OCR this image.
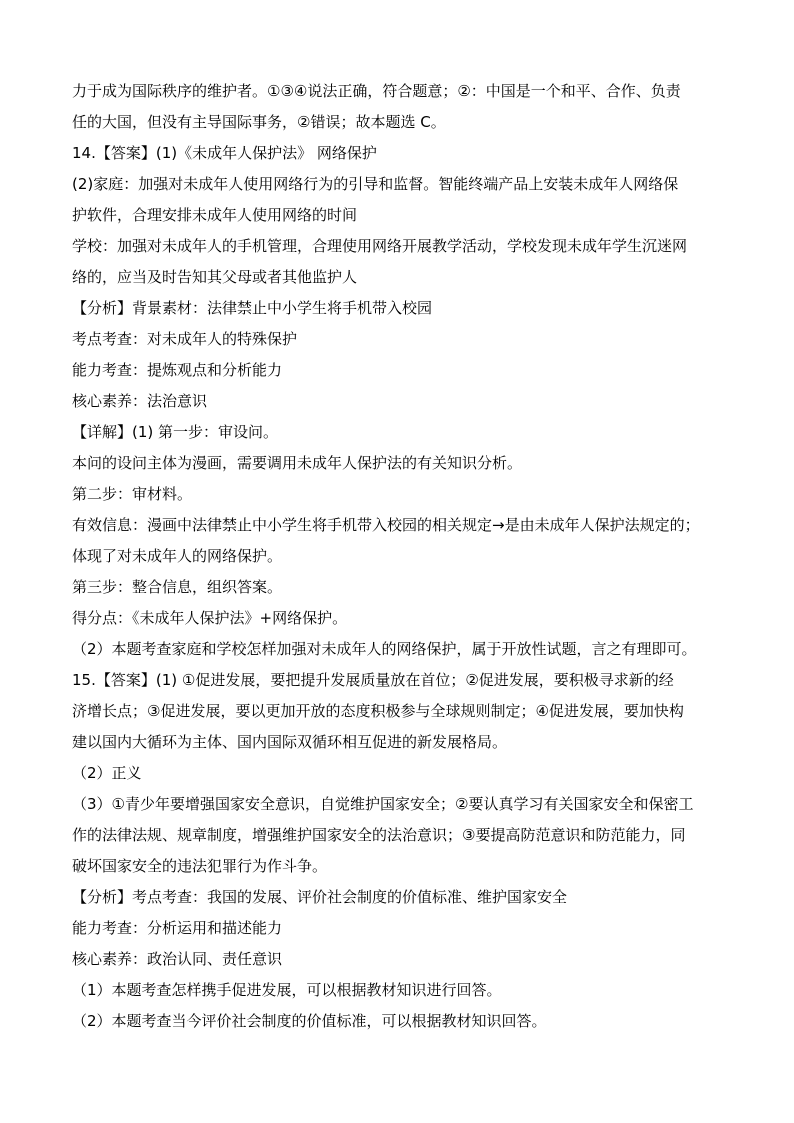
力于成为国际秩序的维护者。①③④说法正确，符合题意；②：中国是一个和平、合作、负责
任的大国，但没有主导国际事务，②错误；故本题选 C。
14.【答案】(1)《未成年人保护法》 网络保护
(2)家庭：加强对未成年人使用网络行为的引导和监督。智能终端产品上安装未成年人网络保
护软件，合理安排未成年人使用网络的时间
学校：加强对未成年人的手机管理，合理使用网络开展教学活动，学校发现未成年学生沉迷网
络的，应当及时告知其父母或者其他监护人
【分析】背景素材：法律禁止中小学生将手机带入校园
考点考查：对未成年人的特殊保护
能力考查：提炼观点和分析能力
核心素养：法治意识
【详解】(1) 第一步：审设问。
本问的设问主体为漫画，需要调用未成年人保护法的有关知识分析。
第二步：审材料。
有效信息：漫画中法律禁止中小学生将手机带入校园的相关规定→是由未成年人保护法规定的；
体现了对未成年人的网络保护。
第三步：整合信息，组织答案。
得分点：《未成年人保护法》+网络保护。
（2）本题考查家庭和学校怎样加强对未成年人的网络保护，属于开放性试题，言之有理即可。
15.【答案】(1) ①促进发展，要把提升发展质量放在首位；②促进发展，要积极寻求新的经
济增长点；③促进发展，要以更加开放的态度积极参与全球规则制定；④促进发展，要加快构
建以国内大循环为主体、国内国际双循环相互促进的新发展格局。
（2）正义
（3）①青少年要增强国家安全意识，自觉维护国家安全；②要认真学习有关国家安全和保密工
作的法律法规、规章制度，增强维护国家安全的法治意识；③要提高防范意识和防范能力，同
破坏国家安全的违法犯罪行为作斗争。
【分析】考点考查：我国的发展、评价社会制度的价值标准、维护国家安全
能力考查：分析运用和描述能力
核心素养：政治认同、责任意识
（1）本题考查怎样携手促进发展，可以根据教材知识进行回答。
（2）本题考查当今评价社会制度的价值标准，可以根据教材知识回答。
